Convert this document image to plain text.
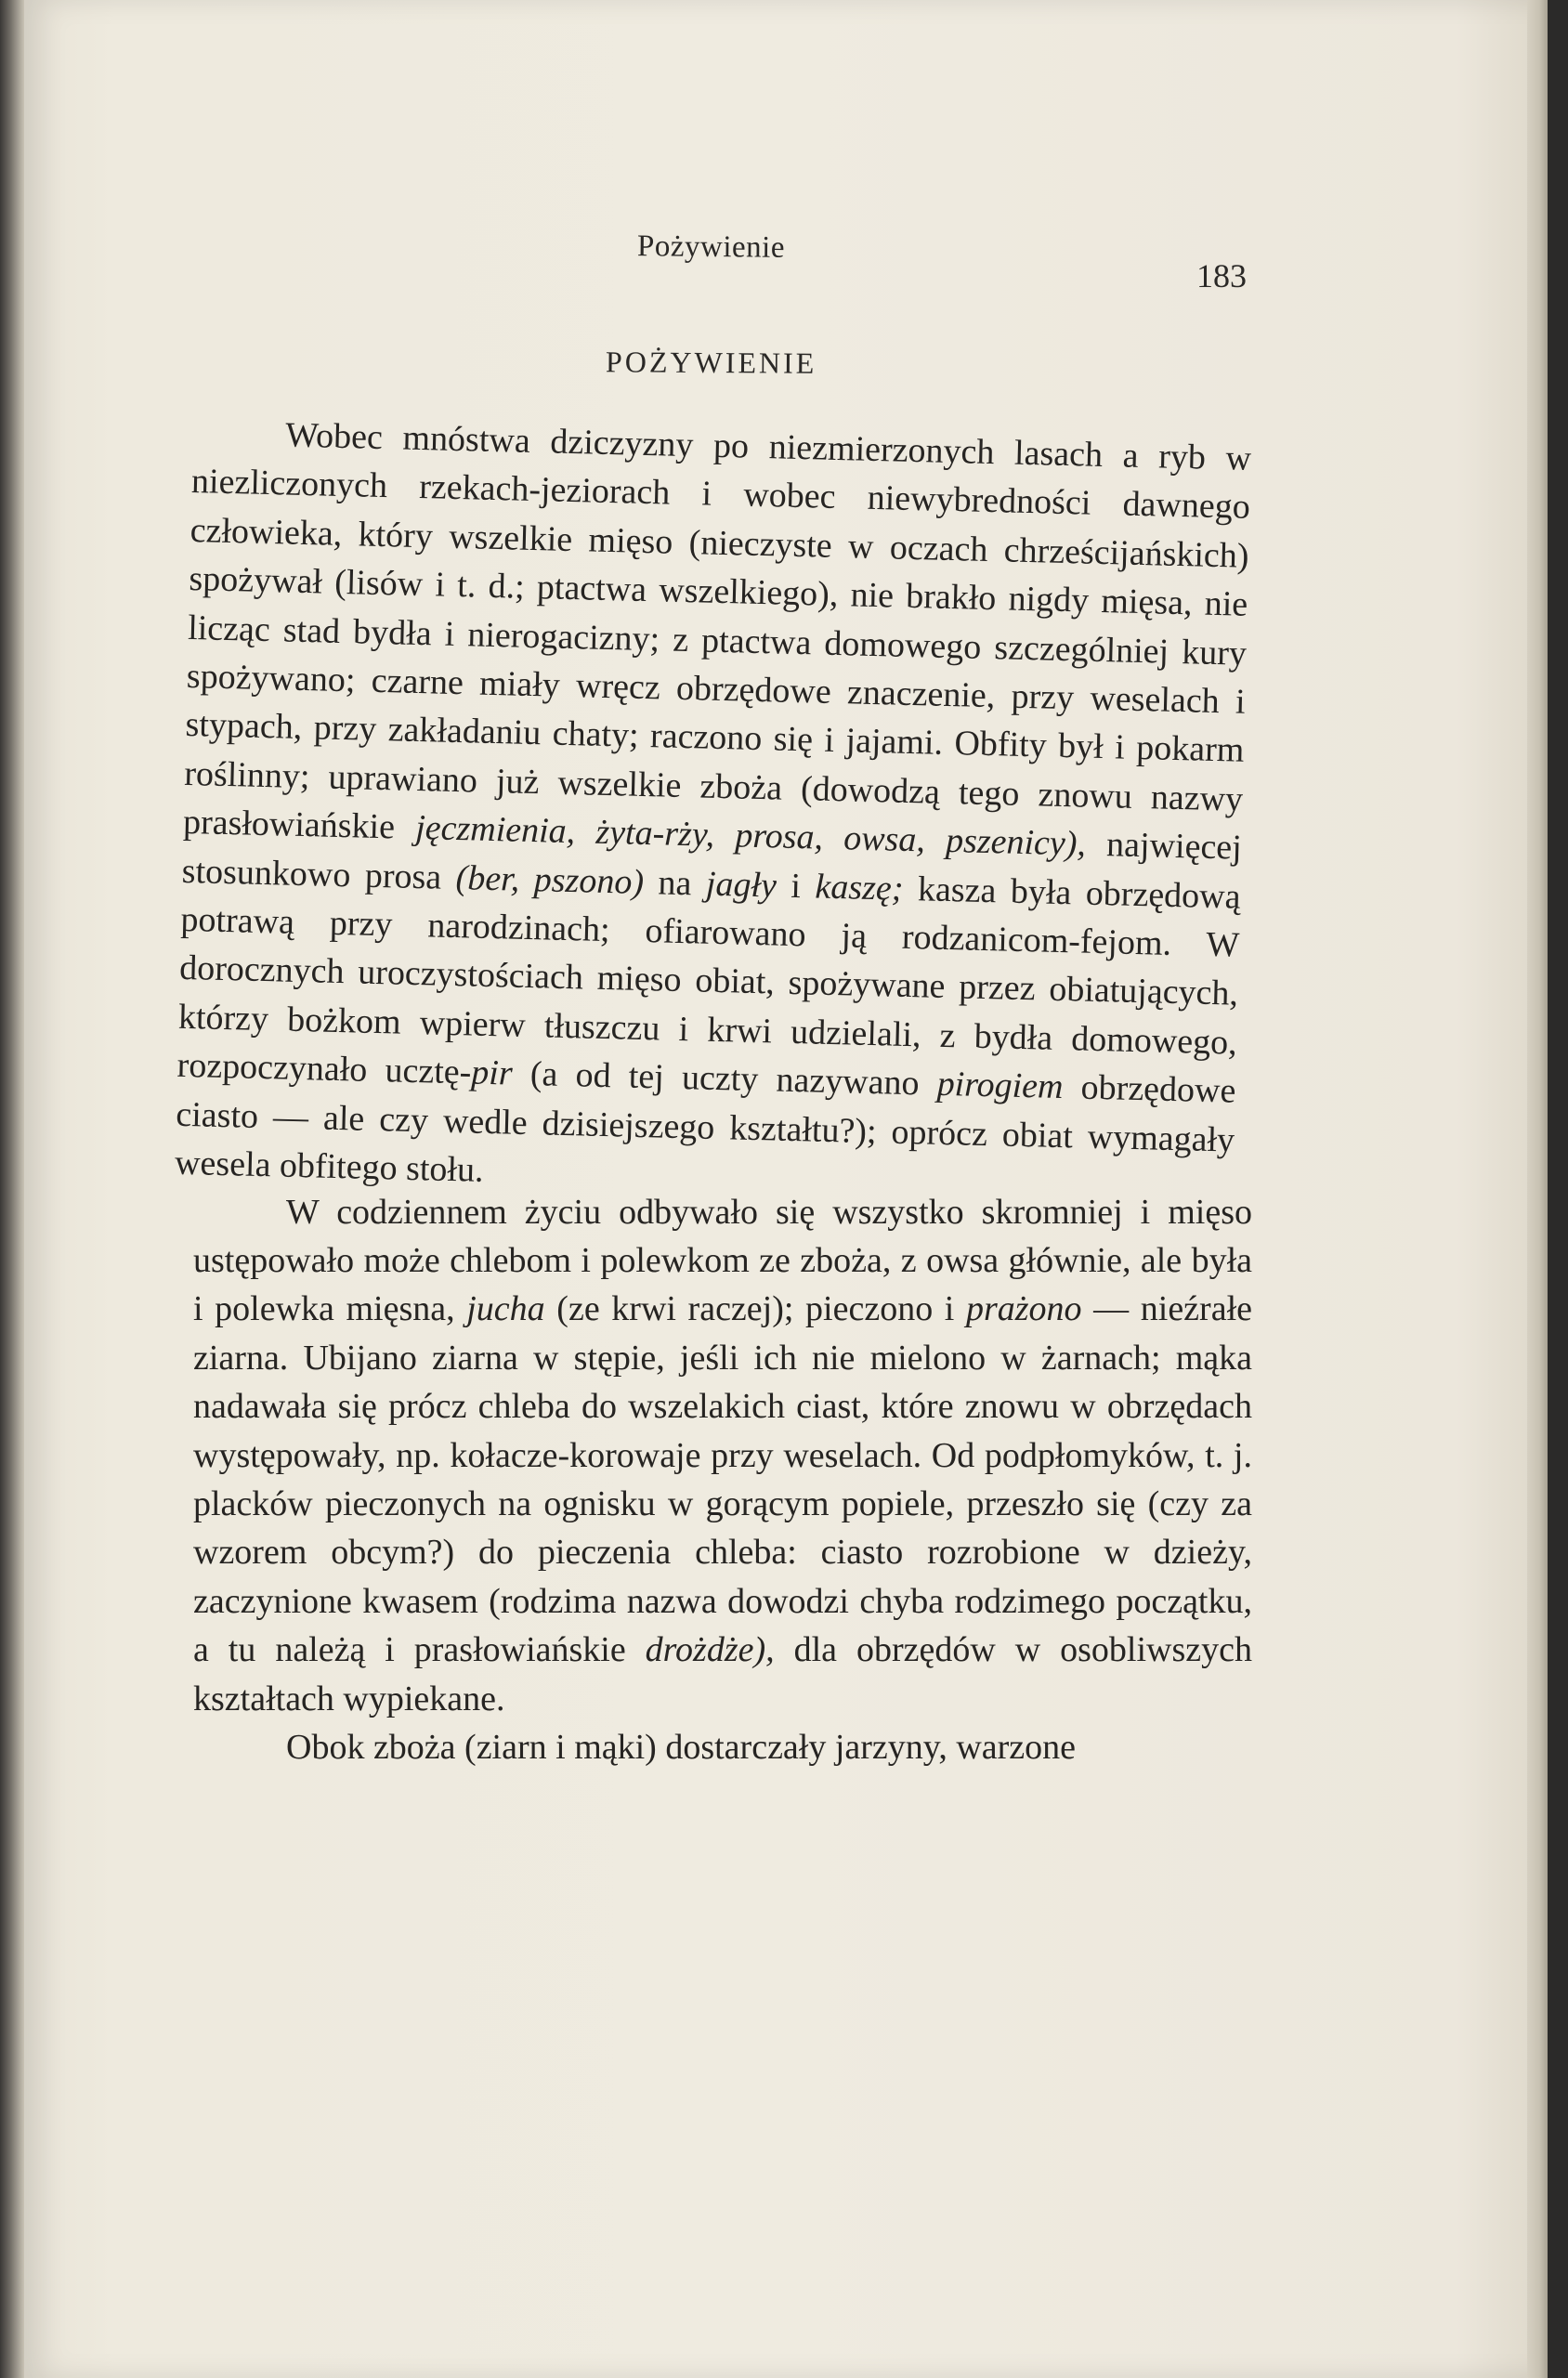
Pożywienie
183
POŻYWIENIE

Wobec mnóstwa dziczyzny po niezmierzonych lasach a ryb w niezliczonych rzekach-jeziorach i wobec niewybredności dawnego człowieka, który wszelkie mięso (nieczyste w oczach chrześcijańskich) spożywał (lisów i t. d.; ptactwa wszelkiego), nie brakło nigdy mięsa, nie licząc stad bydła i nierogacizny; z ptactwa domowego szczególniej kury spożywano; czarne miały wręcz obrzędowe znaczenie, przy weselach i stypach, przy zakładaniu chaty; raczono się i jajami. Obfity był i pokarm roślinny; uprawiano już wszelkie zboża (dowodzą tego znowu nazwy prasłowiańskie jęczmienia, żyta-rży, prosa, owsa, pszenicy), najwięcej stosunkowo prosa (ber, pszono) na jagły i kaszę; kasza była obrzędową potrawą przy narodzinach; ofiarowano ją rodzanicom-fejom. W dorocznych uroczystościach mięso obiat, spożywane przez obiatujących, którzy bożkom wpierw tłuszczu i krwi udzielali, z bydła domowego, rozpoczynało ucztę-pir (a od tej uczty nazywano pirogiem obrzędowe ciasto — ale czy wedle dzisiejszego kształtu?); oprócz obiat wymagały wesela obfitego stołu.

W codziennem życiu odbywało się wszystko skromniej i mięso ustępowało może chlebom i polewkom ze zboża, z owsa głównie, ale była i polewka mięsna, jucha (ze krwi raczej); pieczono i prażono — nieźrałe ziarna. Ubijano ziarna w stępie, jeśli ich nie mielono w żarnach; mąka nadawała się prócz chleba do wszelakich ciast, które znowu w obrzędach występowały, np. kołacze-korowaje przy weselach. Od podpłomyków, t. j. placków pieczonych na ognisku w gorącym popiele, przeszło się (czy za wzorem obcym?) do pieczenia chleba: ciasto rozrobione w dzieży, zaczynione kwasem (rodzima nazwa dowodzi chyba rodzimego początku, a tu należą i prasłowiańskie drożdże), dla obrzędów w osobliwszych kształtach wypiekane.

Obok zboża (ziarn i mąki) dostarczały jarzyny, warzone
